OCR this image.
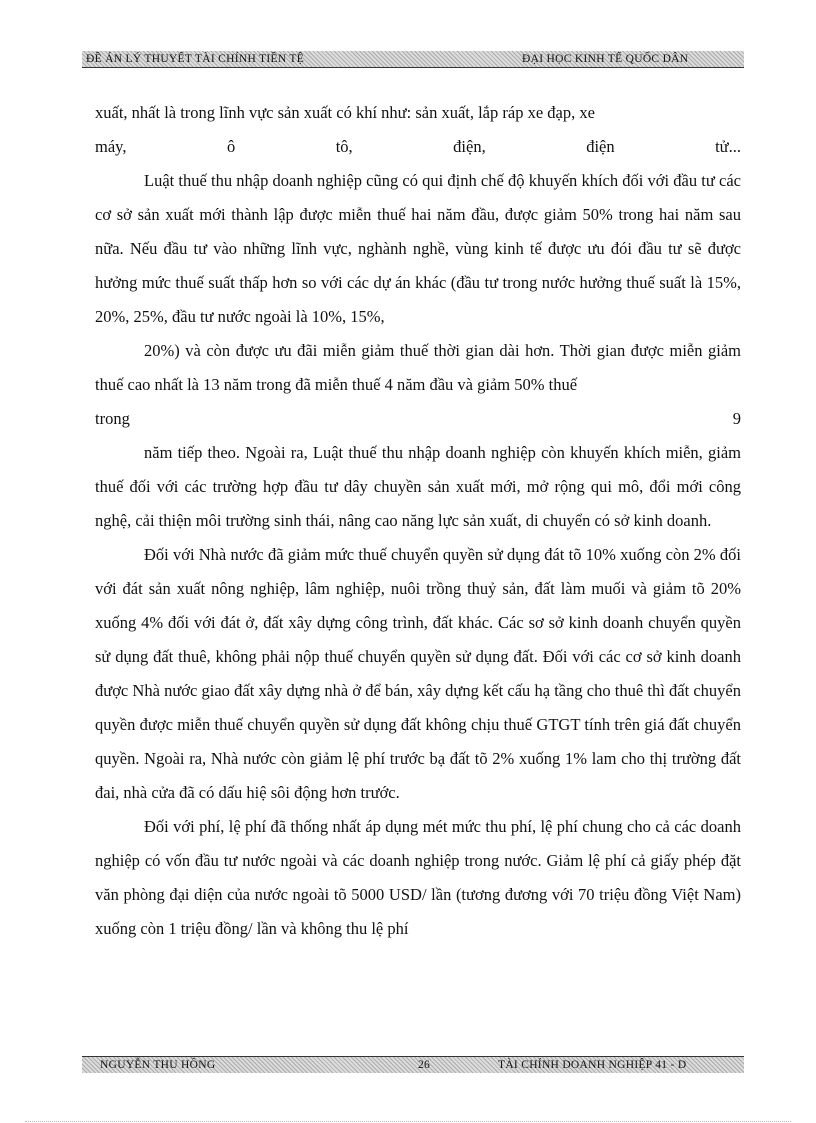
ĐỀ ÁN LÝ THUYẾT TÀI CHÍNH TIỀN TỆ	ĐẠI HỌC KINH TẾ QUỐC DÂN

xuất, nhất là trong lĩnh vực sản xuất có khí như: sản xuất, lắp ráp xe đạp, xe

máy, ô tô, điện, điện tử...

Luật thuế thu nhập doanh nghiệp cũng có qui định chế độ khuyến khích đối với đầu tư các cơ sở sản xuất mới thành lập được miễn thuế hai năm đầu, được giảm 50% trong hai năm sau nữa. Nếu đầu tư vào những lĩnh vực, nghành nghề, vùng kinh tế được ưu đói đầu tư sẽ được hưởng mức thuế suất thấp hơn so với các dự án khác (đầu tư trong nước hưởng thuế suất là 15%, 20%, 25%, đầu tư nước ngoài là 10%, 15%,

20%) và còn được ưu đãi miễn giảm thuế thời gian dài hơn. Thời gian được miễn giảm thuế cao nhất là 13 năm trong đã miễn thuế 4 năm đầu và giảm 50% thuế

trong	9

năm tiếp theo. Ngoài ra, Luật thuế thu nhập doanh nghiệp còn khuyến khích miễn, giảm thuế đối với các trường hợp đầu tư dây chuyền sản xuất mới, mở rộng qui mô, đổi mới công nghệ, cải thiện môi trường sinh thái, nâng cao năng lực sản xuất, di chuyển có sở kinh doanh.

Đối với Nhà nước đã giảm mức thuế chuyển quyền sử dụng đát tõ 10% xuống còn 2% đối với đát sản xuất nông nghiệp, lâm nghiệp, nuôi trồng thuỷ sản, đất làm muối và giảm tõ 20% xuống 4% đối với đát ở, đất xây dựng công trình, đất khác. Các sơ sở kinh doanh chuyển quyền sử dụng đất thuê, không phải nộp thuế chuyển quyền sử dụng đất. Đối với các cơ sở kinh doanh được Nhà nước giao đất xây dựng nhà ở để bán, xây dựng kết cấu hạ tầng cho thuê thì đất chuyển quyền được miễn thuế chuyển quyền sử dụng đất không chịu thuế GTGT tính trên giá đất chuyển quyền. Ngoài ra, Nhà nước còn giảm lệ phí trước bạ đất tõ 2% xuống 1% lam cho thị trường đất đai, nhà cửa đã có dấu hiệ sôi động hơn trước.

Đối với phí, lệ phí đã thống nhất áp dụng mét mức thu phí, lệ phí chung cho cả các doanh nghiệp có vốn đầu tư nước ngoài và các doanh nghiệp trong nước. Giảm lệ phí cả giấy phép đặt văn phòng đại diện của nước ngoài tõ 5000 USD/ lần (tương đương với 70 triệu đồng Việt Nam) xuống còn 1 triệu đồng/ lần và không thu lệ phí

NGUYỄN THU HỒNG	26	TÀI CHÍNH DOANH NGHIỆP 41 - D
